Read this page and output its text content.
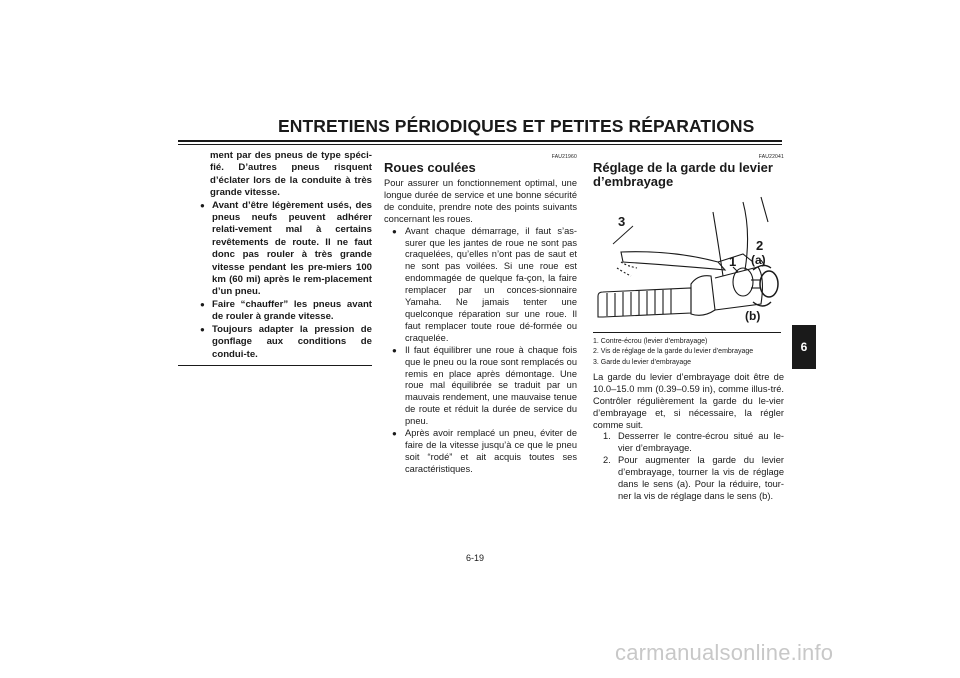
ENTRETIENS PÉRIODIQUES ET PETITES RÉPARATIONS
6
ment par des pneus de type spéci-fié. D’autres pneus risquent d’éclater lors de la conduite à très grande vitesse.
● Avant d’être légèrement usés, des pneus neufs peuvent adhérer relati-vement mal à certains revêtements de route. Il ne faut donc pas rouler à très grande vitesse pendant les pre-miers 100 km (60 mi) après le rem-placement d’un pneu.
● Faire “chauffer” les pneus avant de rouler à grande vitesse.
● Toujours adapter la pression de gonflage aux conditions de condui-te.
FAU21960
Roues coulées
Pour assurer un fonctionnement optimal, une longue durée de service et une bonne sécurité de conduite, prendre note des points suivants concernant les roues.
● Avant chaque démarrage, il faut s’as-surer que les jantes de roue ne sont pas craquelées, qu’elles n’ont pas de saut et ne sont pas voilées. Si une roue est endommagée de quelque fa-çon, la faire remplacer par un conces-sionnaire Yamaha. Ne jamais tenter une quelconque réparation sur une roue. Il faut remplacer toute roue dé-formée ou craquelée.
● Il faut équilibrer une roue à chaque fois que le pneu ou la roue sont remplacés ou remis en place après démontage. Une roue mal équilibrée se traduit par un mauvais rendement, une mauvaise tenue de route et réduit la durée de service du pneu.
● Après avoir remplacé un pneu, éviter de faire de la vitesse jusqu’à ce que le pneu soit “rodé” et ait acquis toutes ses caractéristiques.
FAU22041
Réglage de la garde du levier d’embrayage
3
1
2
(a)
(b)
1. Contre-écrou (levier d’embrayage)
2. Vis de réglage de la garde du levier d’embrayage
3. Garde du levier d’embrayage
La garde du levier d’embrayage doit être de 10.0–15.0 mm (0.39–0.59 in), comme illus-tré. Contrôler régulièrement la garde du le-vier d’embrayage et, si nécessaire, la régler comme suit.
1. Desserrer le contre-écrou situé au le-vier d’embrayage.
2. Pour augmenter la garde du levier d’embrayage, tourner la vis de réglage dans le sens (a). Pour la réduire, tour-ner la vis de réglage dans le sens (b).
6-19
carmanualsonline.info
